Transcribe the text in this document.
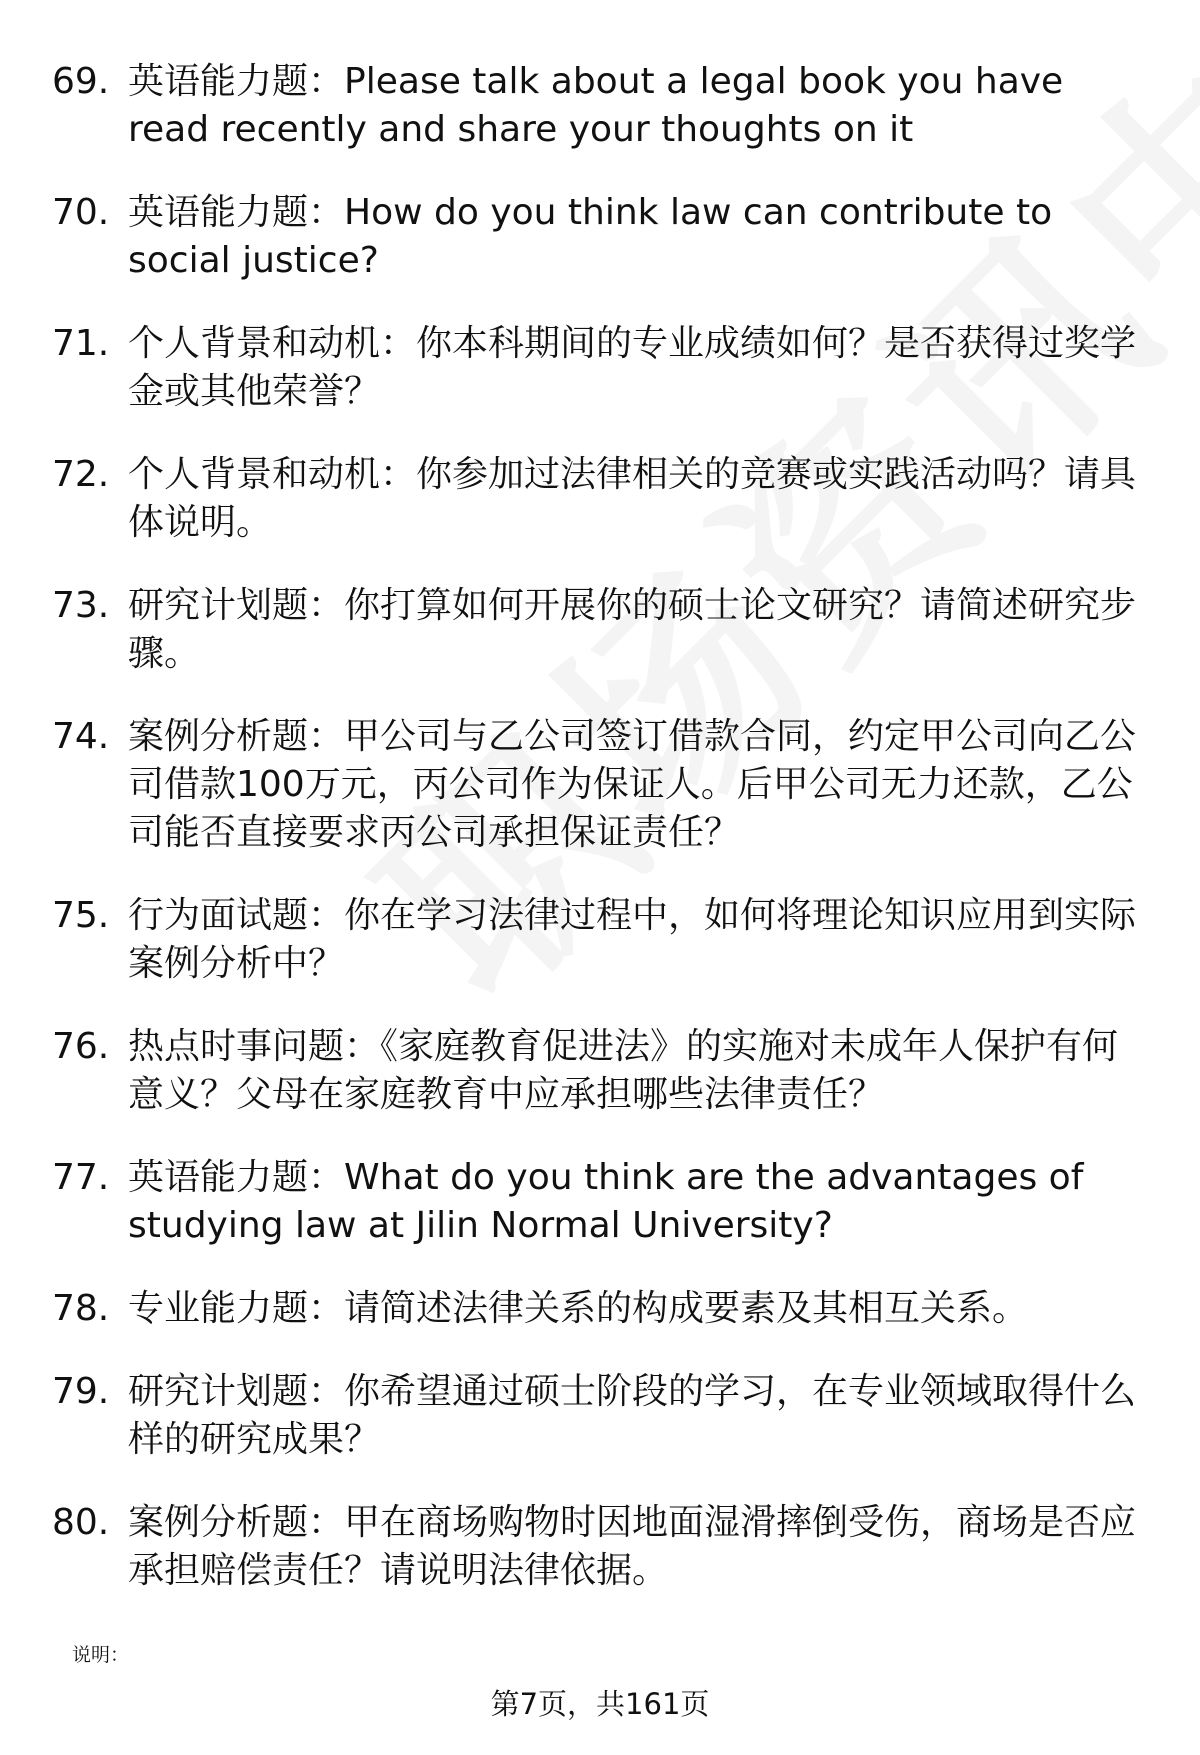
69. 英语能力题：Please talk about a legal book you have read recently and share your thoughts on it
70. 英语能力题：How do you think law can contribute to social justice?
71. 个人背景和动机：你本科期间的专业成绩如何？是否获得过奖学金或其他荣誉？
72. 个人背景和动机：你参加过法律相关的竞赛或实践活动吗？请具体说明。
73. 研究计划题：你打算如何开展你的硕士论文研究？请简述研究步骤。
74. 案例分析题：甲公司与乙公司签订借款合同，约定甲公司向乙公司借款100万元，丙公司作为保证人。后甲公司无力还款，乙公司能否直接要求丙公司承担保证责任？
75. 行为面试题：你在学习法律过程中，如何将理论知识应用到实际案例分析中？
76. 热点时事问题：《家庭教育促进法》的实施对未成年人保护有何意义？父母在家庭教育中应承担哪些法律责任？
77. 英语能力题：What do you think are the advantages of studying law at Jilin Normal University?
78. 专业能力题：请简述法律关系的构成要素及其相互关系。
79. 研究计划题：你希望通过硕士阶段的学习，在专业领域取得什么样的研究成果？
80. 案例分析题：甲在商场购物时因地面湿滑摔倒受伤，商场是否应承担赔偿责任？请说明法律依据。
说明：
第7页，共161页
